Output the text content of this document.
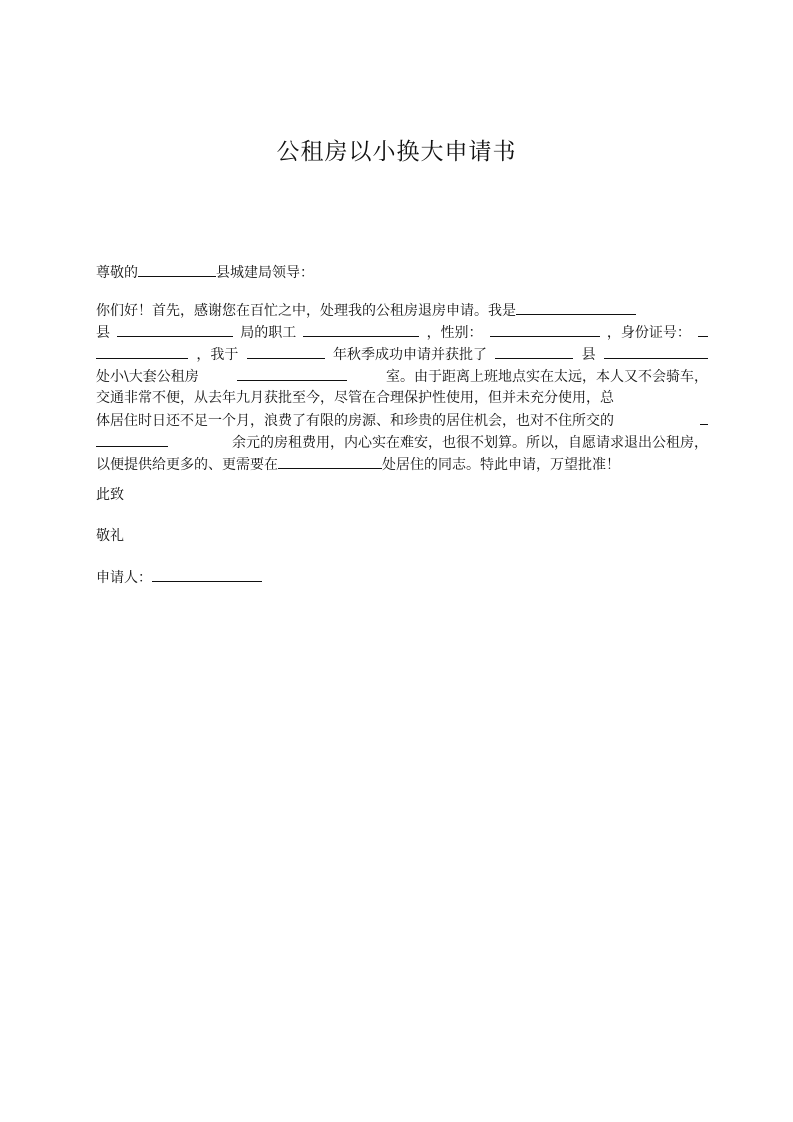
公租房以小换大申请书
尊敬的	县城建局领导：
你们好！首先，感谢您在百忙之中，处理我的公租房退房申请。我是
县	局的职工	，性别：	，身份证号：
，我于	年秋季成功申请并获批了	县
处小\大套公租房	室。由于距离上班地点实在太远，本人又不会骑车，
交通非常不便，从去年九月获批至今，尽管在合理保护性使用，但并未充分使用，总
体居住时日还不足一个月，浪费了有限的房源、和珍贵的居住机会，也对不住所交的
余元的房租费用，内心实在难安，也很不划算。所以，自愿请求退出公租房，
以便提供给更多的、更需要在	处居住的同志。特此申请，万望批准！
此致
敬礼
申请人：
